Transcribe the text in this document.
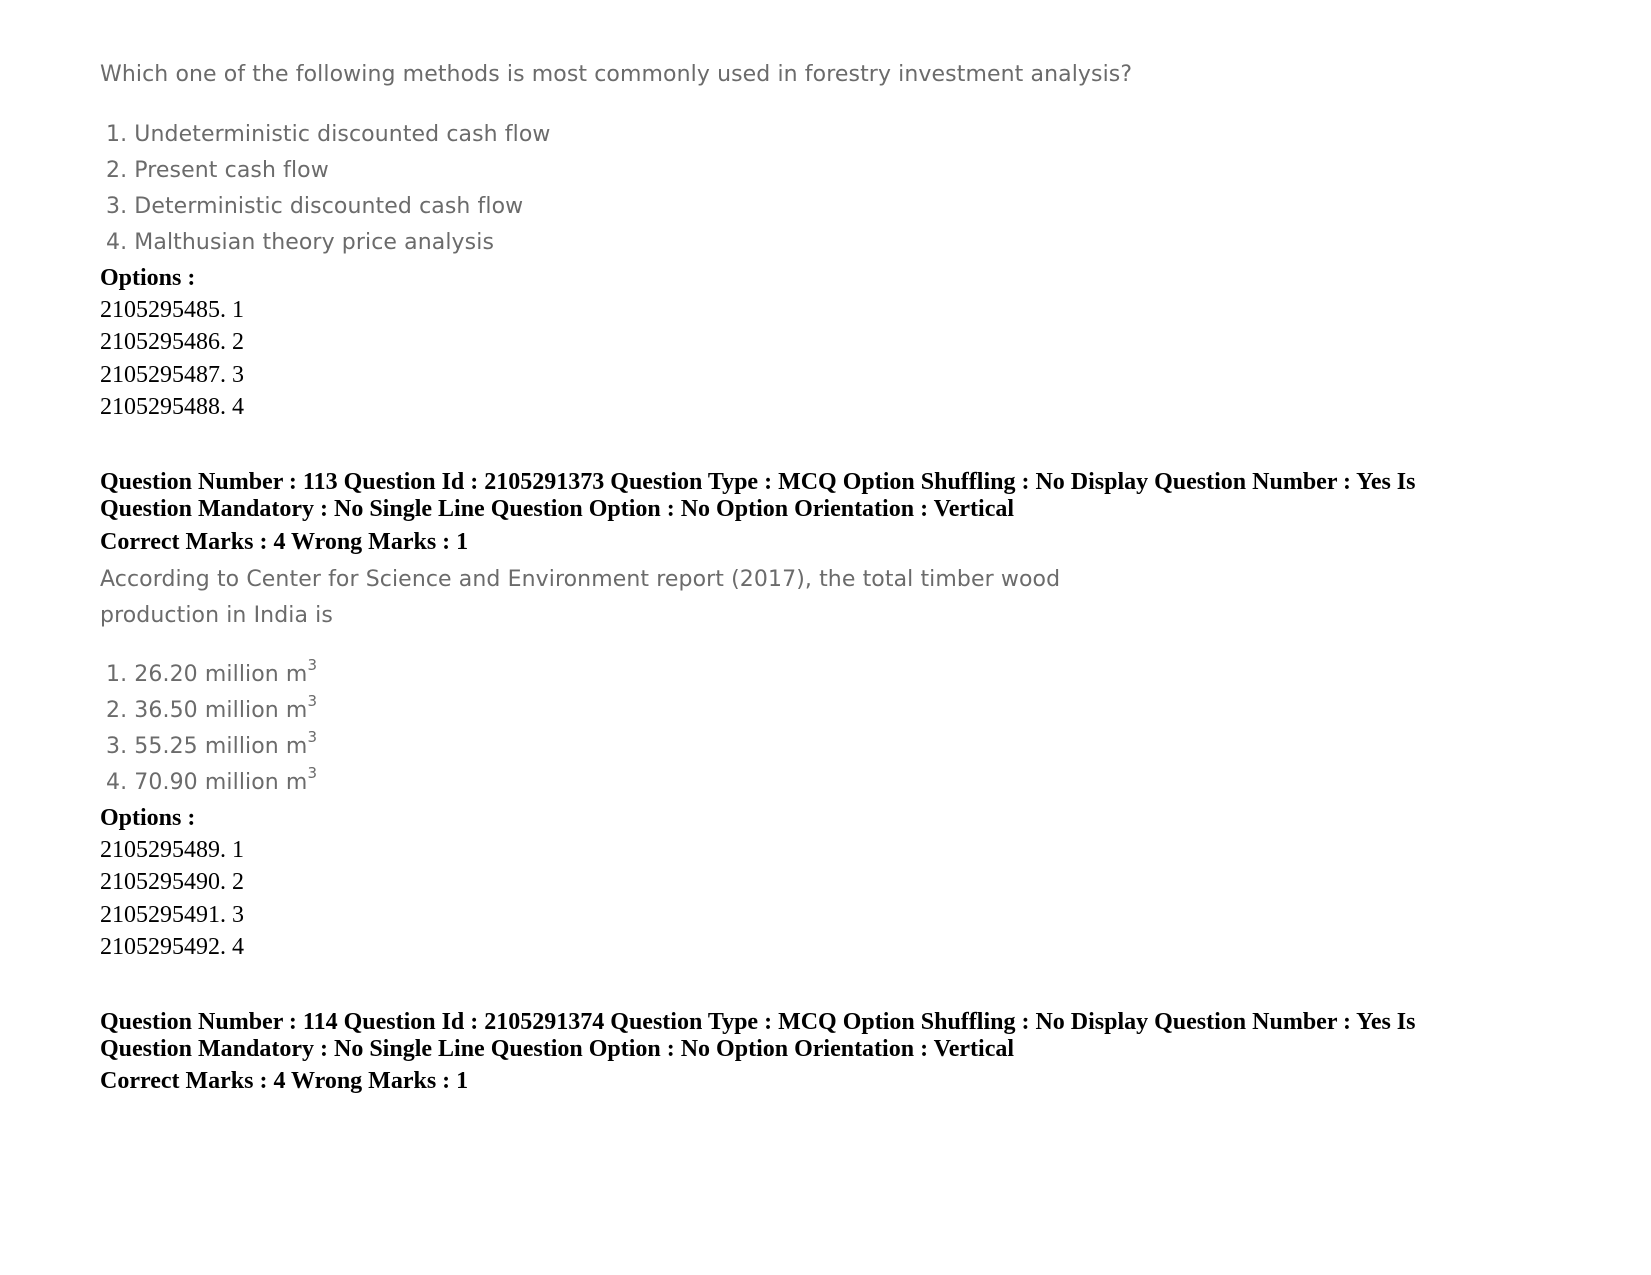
Which one of the following methods is most commonly used in forestry investment analysis?
1. Undeterministic discounted cash flow
2. Present cash flow
3. Deterministic discounted cash flow
4. Malthusian theory price analysis
Options :
2105295485. 1
2105295486. 2
2105295487. 3
2105295488. 4
Question Number : 113 Question Id : 2105291373 Question Type : MCQ Option Shuffling : No Display Question Number : Yes Is
Question Mandatory : No Single Line Question Option : No Option Orientation : Vertical
Correct Marks : 4 Wrong Marks : 1
According to Center for Science and Environment report (2017), the total timber wood
production in India is
1. 26.20 million $m^3$
2. 36.50 million $m^3$
3. 55.25 million $m^3$
4. 70.90 million $m^3$
Options :
2105295489. 1
2105295490. 2
2105295491. 3
2105295492. 4
Question Number : 114 Question Id : 2105291374 Question Type : MCQ Option Shuffling : No Display Question Number : Yes Is
Question Mandatory : No Single Line Question Option : No Option Orientation : Vertical
Correct Marks : 4 Wrong Marks : 1
